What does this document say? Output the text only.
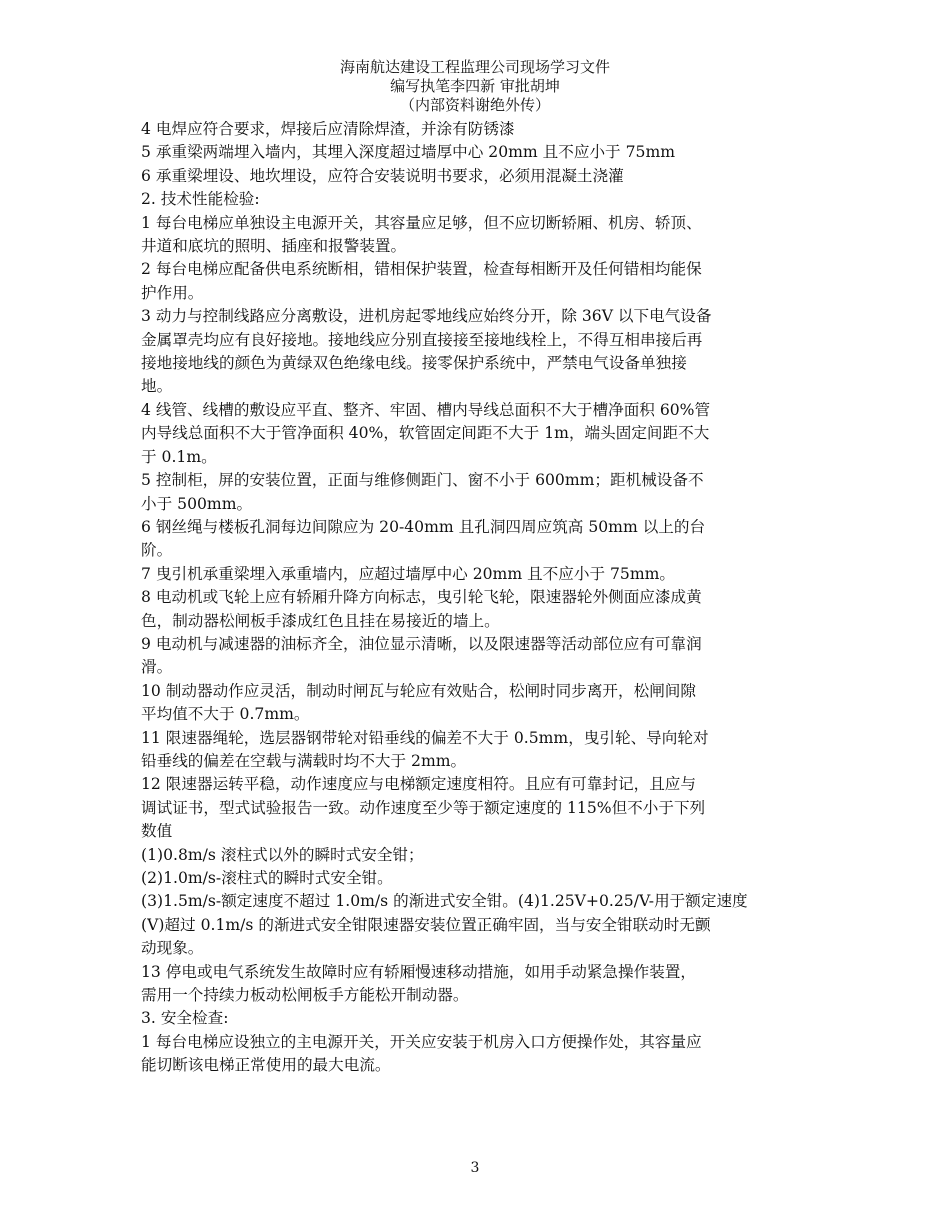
海南航达建设工程监理公司现场学习文件
编写执笔李四新 审批胡坤
（内部资料谢绝外传）

4 电焊应符合要求，焊接后应清除焊渣，并涂有防锈漆

5 承重梁两端埋入墙内，其埋入深度超过墙厚中心 20mm 且不应小于 75mm

6 承重梁埋设、地坎埋设，应符合安装说明书要求，必须用混凝土浇灌

2. 技术性能检验:

1 每台电梯应单独设主电源开关，其容量应足够，但不应切断轿厢、机房、轿顶、
井道和底坑的照明、插座和报警装置。

2 每台电梯应配备供电系统断相，错相保护装置，检查每相断开及任何错相均能保
护作用。

3 动力与控制线路应分离敷设，进机房起零地线应始终分开，除 36V 以下电气设备
金属罩壳均应有良好接地。接地线应分别直接接至接地线栓上，不得互相串接后再
接地接地线的颜色为黄绿双色绝缘电线。接零保护系统中，严禁电气设备单独接
地。

4 线管、线槽的敷设应平直、整齐、牢固、槽内导线总面积不大于槽净面积 60%管
内导线总面积不大于管净面积 40%，软管固定间距不大于 1m，端头固定间距不大
于 0.1m。

5 控制柜，屏的安装位置，正面与维修侧距门、窗不小于 600mm；距机械设备不
小于 500mm。

6 钢丝绳与楼板孔洞每边间隙应为 20-40mm 且孔洞四周应筑高 50mm 以上的台
阶。

7 曳引机承重梁埋入承重墙内，应超过墙厚中心 20mm 且不应小于 75mm。

8 电动机或飞轮上应有轿厢升降方向标志，曳引轮飞轮，限速器轮外侧面应漆成黄
色，制动器松闸板手漆成红色且挂在易接近的墙上。

9 电动机与减速器的油标齐全，油位显示清晰，以及限速器等活动部位应有可靠润
滑。

10 制动器动作应灵活，制动时闸瓦与轮应有效贴合，松闸时同步离开，松闸间隙
平均值不大于 0.7mm。

11 限速器绳轮，选层器钢带轮对铅垂线的偏差不大于 0.5mm，曳引轮、导向轮对
铅垂线的偏差在空载与满载时均不大于 2mm。

12 限速器运转平稳，动作速度应与电梯额定速度相符。且应有可靠封记，且应与
调试证书，型式试验报告一致。动作速度至少等于额定速度的 115%但不小于下列
数值

(1)0.8m/s 滚柱式以外的瞬时式安全钳；

(2)1.0m/s-滚柱式的瞬时式安全钳。

(3)1.5m/s-额定速度不超过 1.0m/s 的渐进式安全钳。(4)1.25V+0.25/V-用于额定速度
(V)超过 0.1m/s 的渐进式安全钳限速器安装位置正确牢固，当与安全钳联动时无颤
动现象。

13 停电或电气系统发生故障时应有轿厢慢速移动措施，如用手动紧急操作装置，
需用一个持续力板动松闸板手方能松开制动器。

3. 安全检查:

1 每台电梯应设独立的主电源开关，开关应安装于机房入口方便操作处，其容量应
能切断该电梯正常使用的最大电流。

3
